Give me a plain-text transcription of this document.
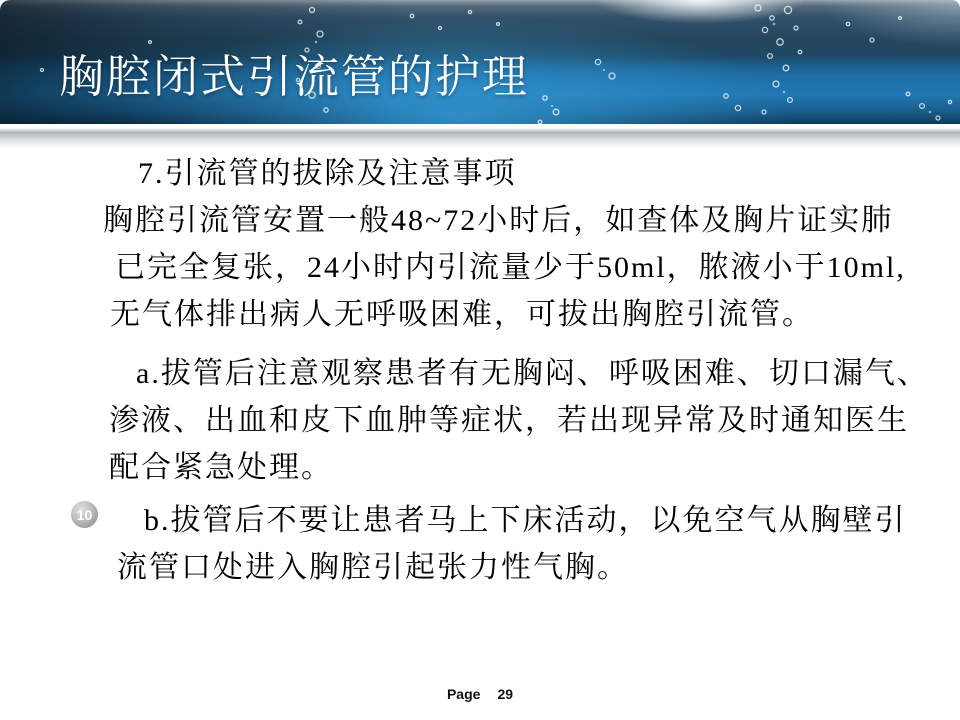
胸腔闭式引流管的护理
7.引流管的拔除及注意事项
胸腔引流管安置一般48~72小时后，如查体及胸片证实肺
已完全复张，24小时内引流量少于50ml，脓液小于10ml,
无气体排出病人无呼吸困难，可拔出胸腔引流管。
a.拔管后注意观察患者有无胸闷、呼吸困难、切口漏气、
渗液、出血和皮下血肿等症状，若出现异常及时通知医生
配合紧急处理。
b.拔管后不要让患者马上下床活动，以免空气从胸壁引
流管口处进入胸腔引起张力性气胸。
10
Page 29
